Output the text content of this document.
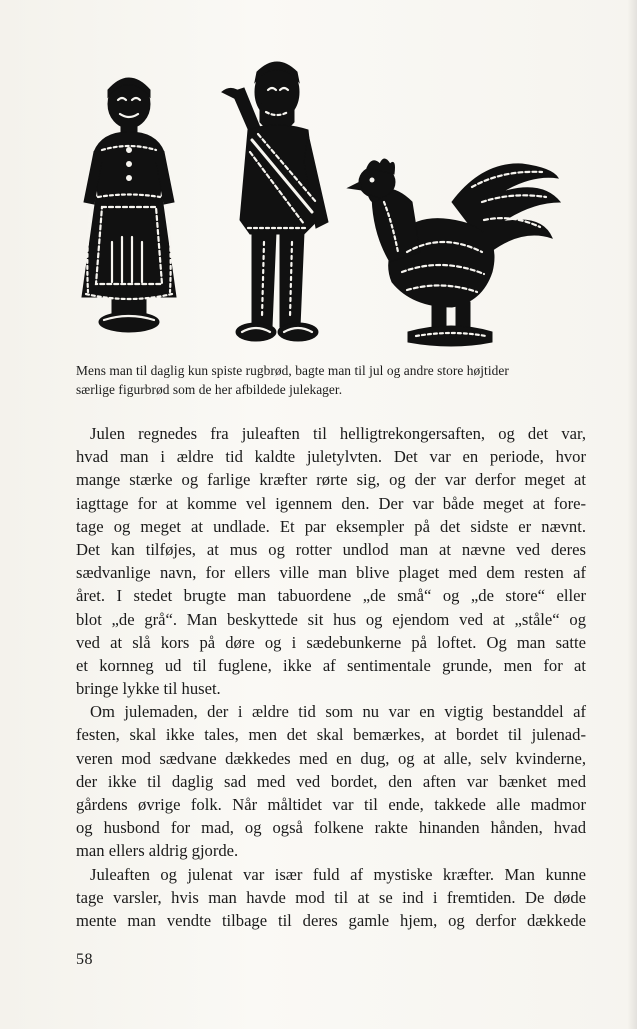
Mens man til daglig kun spiste rugbrød, bagte man til jul og andre store højtider
særlige figurbrød som de her afbildede julekager.

Julen regnedes fra juleaften til helligtrekongersaften, og det var,
hvad man i ældre tid kaldte juletylvten. Det var en periode, hvor
mange stærke og farlige kræfter rørte sig, og der var derfor meget at
iagttage for at komme vel igennem den. Der var både meget at fore-
tage og meget at undlade. Et par eksempler på det sidste er nævnt.
Det kan tilføjes, at mus og rotter undlod man at nævne ved deres
sædvanlige navn, for ellers ville man blive plaget med dem resten af
året. I stedet brugte man tabuordene „de små“ og „de store“ eller
blot „de grå“. Man beskyttede sit hus og ejendom ved at „ståle“ og
ved at slå kors på døre og i sædebunkerne på loftet. Og man satte
et kornneg ud til fuglene, ikke af sentimentale grunde, men for at
bringe lykke til huset.

Om julemaden, der i ældre tid som nu var en vigtig bestanddel af
festen, skal ikke tales, men det skal bemærkes, at bordet til julenad-
veren mod sædvane dækkedes med en dug, og at alle, selv kvinderne,
der ikke til daglig sad med ved bordet, den aften var bænket med
gårdens øvrige folk. Når måltidet var til ende, takkede alle madmor
og husbond for mad, og også folkene rakte hinanden hånden, hvad
man ellers aldrig gjorde.

Juleaften og julenat var især fuld af mystiske kræfter. Man kunne
tage varsler, hvis man havde mod til at se ind i fremtiden. De døde
mente man vendte tilbage til deres gamle hjem, og derfor dækkede

58
